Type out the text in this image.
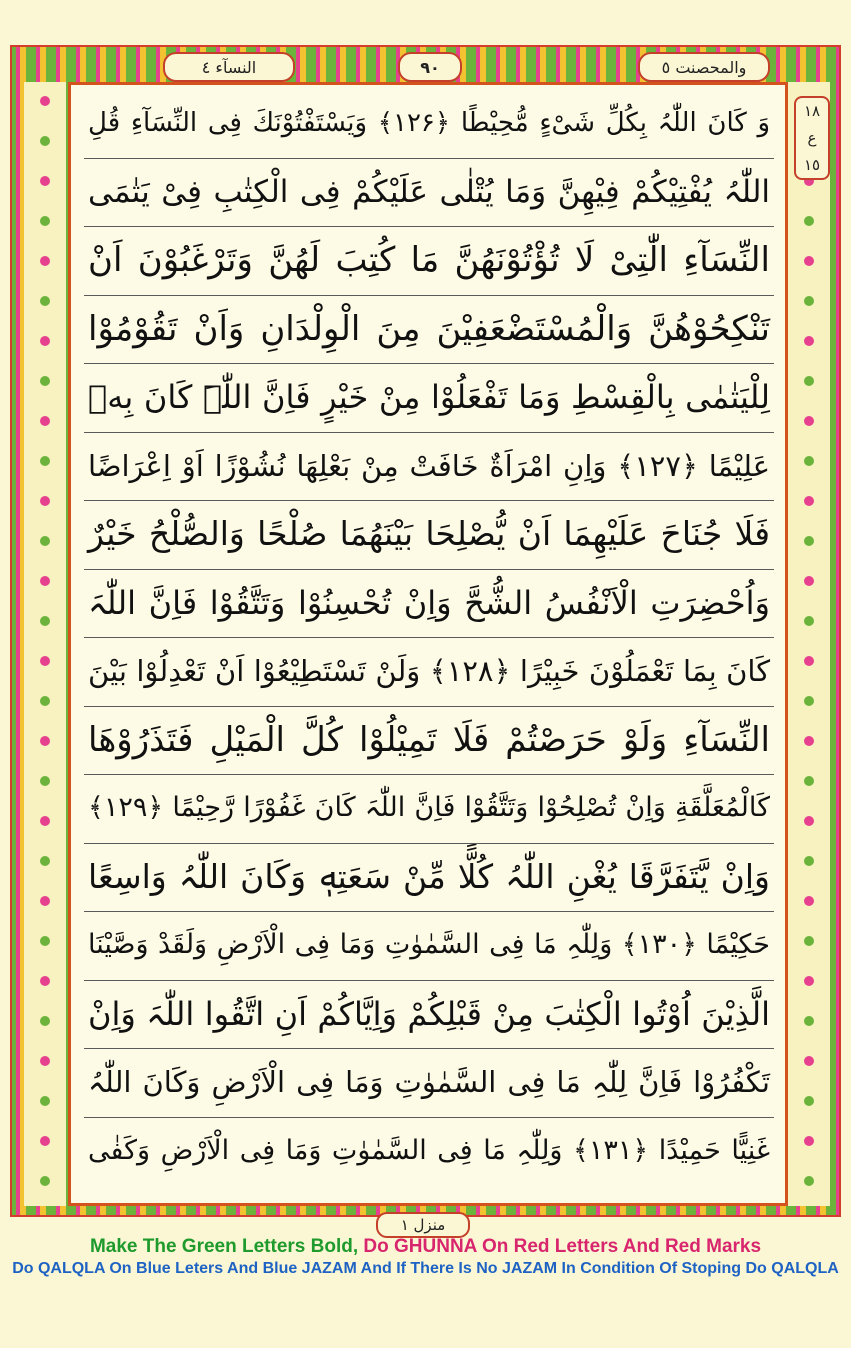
والمحصنت ٥
٩٠
النسآء ٤
١٨
ع
١٥
وَ كَانَ اللّٰہُ بِكُلِّ شَیْءٍ مُّحِیْطًا ﴿۱۲۶﴾ وَیَسْتَفْتُوْنَكَ فِی النِّسَآءِ قُلِ
اللّٰہُ یُفْتِیْكُمْ فِیْهِنَّ وَمَا یُتْلٰی عَلَیْكُمْ فِی الْكِتٰبِ فِیْ یَتٰمَی
النِّسَآءِ الّٰتِیْ لَا تُؤْتُوْنَهُنَّ مَا كُتِبَ لَهُنَّ وَتَرْغَبُوْنَ اَنْ
تَنْكِحُوْهُنَّ وَالْمُسْتَضْعَفِیْنَ مِنَ الْوِلْدَانِ وَاَنْ تَقُوْمُوْا
لِلْیَتٰمٰی بِالْقِسْطِ وَمَا تَفْعَلُوْا مِنْ خَیْرٍ فَاِنَّ اللّٰہَ كَانَ بِهٖ
عَلِیْمًا ﴿۱۲۷﴾ وَاِنِ امْرَاَةٌ خَافَتْ مِنْ بَعْلِهَا نُشُوْزًا اَوْ اِعْرَاضًا
فَلَا جُنَاحَ عَلَیْهِمَا اَنْ یُّصْلِحَا بَیْنَهُمَا صُلْحًا وَالصُّلْحُ خَیْرٌ
وَاُحْضِرَتِ الْاَنْفُسُ الشُّحَّ وَاِنْ تُحْسِنُوْا وَتَتَّقُوْا فَاِنَّ اللّٰہَ
كَانَ بِمَا تَعْمَلُوْنَ خَبِیْرًا ﴿۱۲۸﴾ وَلَنْ تَسْتَطِیْعُوْا اَنْ تَعْدِلُوْا بَیْنَ
النِّسَآءِ وَلَوْ حَرَصْتُمْ فَلَا تَمِیْلُوْا كُلَّ الْمَیْلِ فَتَذَرُوْهَا
كَالْمُعَلَّقَةِ وَاِنْ تُصْلِحُوْا وَتَتَّقُوْا فَاِنَّ اللّٰہَ كَانَ غَفُوْرًا رَّحِیْمًا ﴿۱۲۹﴾
وَاِنْ یَّتَفَرَّقَا یُغْنِ اللّٰہُ كُلًّا مِّنْ سَعَتِهٖ وَكَانَ اللّٰہُ وَاسِعًا
حَكِیْمًا ﴿۱۳۰﴾ وَلِلّٰہِ مَا فِی السَّمٰوٰتِ وَمَا فِی الْاَرْضِ وَلَقَدْ وَصَّیْنَا
الَّذِیْنَ اُوْتُوا الْكِتٰبَ مِنْ قَبْلِكُمْ وَاِیَّاكُمْ اَنِ اتَّقُوا اللّٰہَ وَاِنْ
تَكْفُرُوْا فَاِنَّ لِلّٰہِ مَا فِی السَّمٰوٰتِ وَمَا فِی الْاَرْضِ وَكَانَ اللّٰہُ
غَنِیًّا حَمِیْدًا ﴿۱۳۱﴾ وَلِلّٰہِ مَا فِی السَّمٰوٰتِ وَمَا فِی الْاَرْضِ وَكَفٰی
منزل ١
Make The Green Letters Bold, Do GHUNNA On Red Letters And Red Marks
Do QALQLA On Blue Leters And Blue JAZAM And If There Is No JAZAM In Condition Of Stoping Do QALQLA
